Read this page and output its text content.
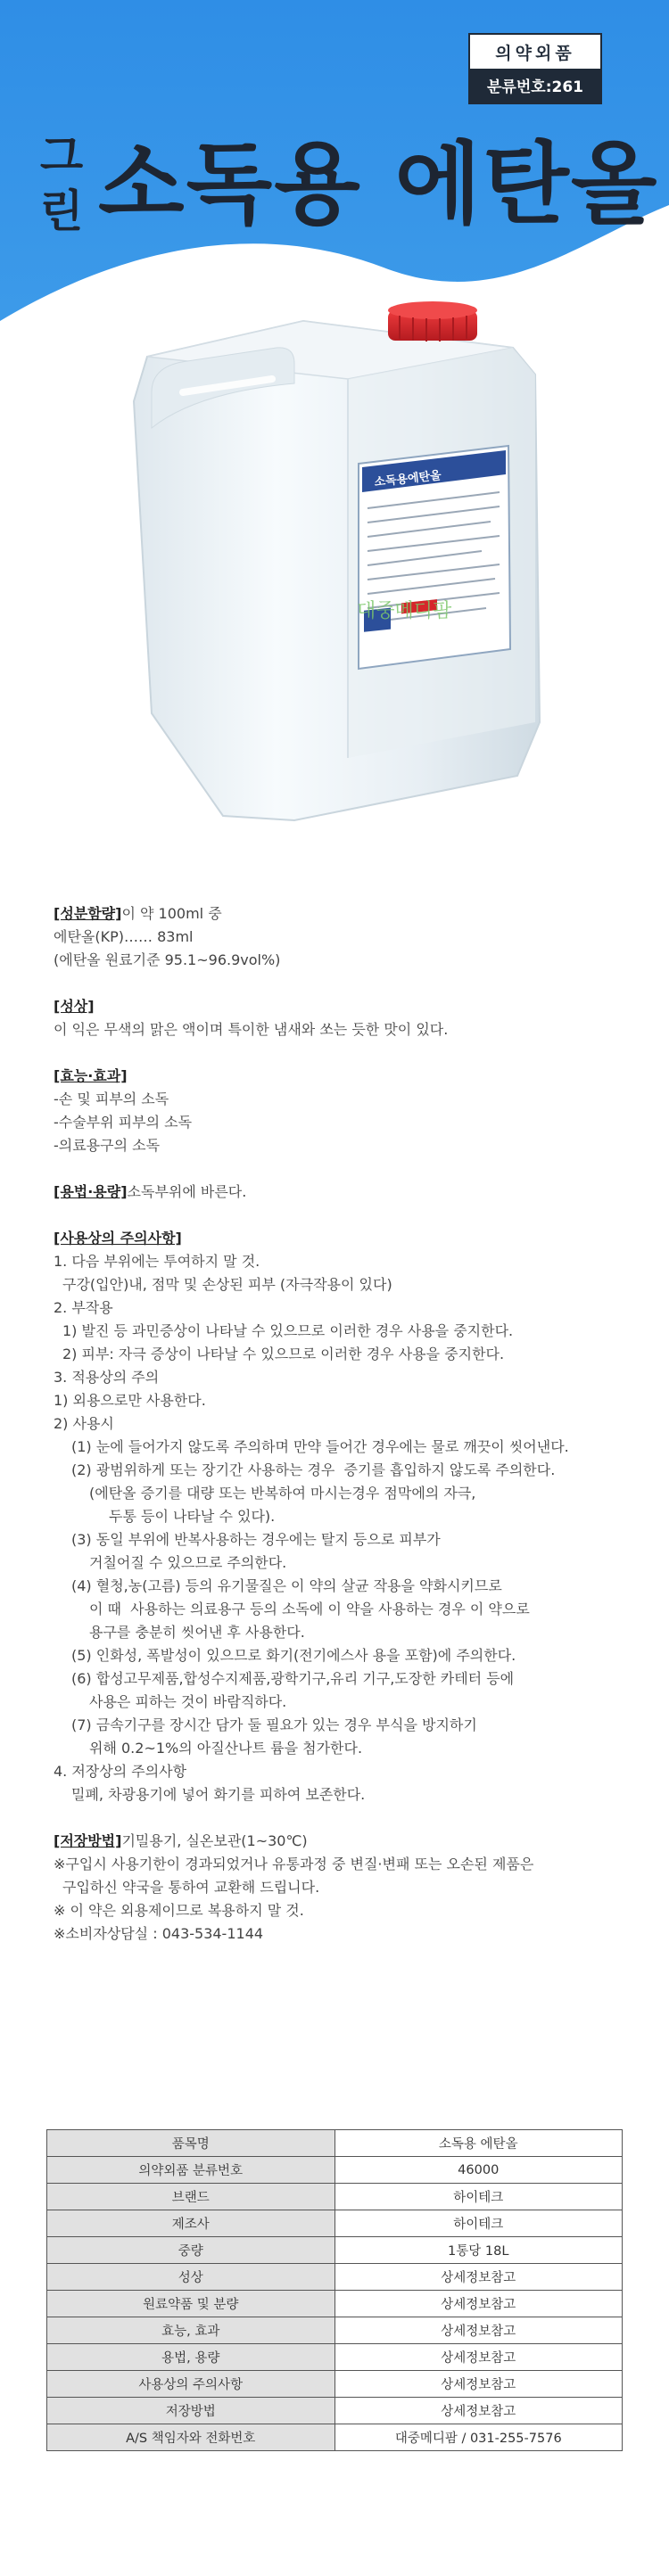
의약외품
분류번호:261
그
린 소독용 에탄올
소독용에탄올
18L
대중메디팜

[성분함량]이 약 100ml 중

에탄올(KP)…… 83ml

(에탄올 원료기준 95.1~96.9vol%)

[성상]

이 익은 무색의 맑은 액이며 특이한 냄새와 쏘는 듯한 맛이 있다.

[효능·효과]

-손 및 피부의 소독

-수술부위 피부의 소독

-의료용구의 소독

[용법·용량]소독부위에 바른다.

[사용상의 주의사항]

1. 다음 부위에는 투여하지 말 것.

구강(입안)내, 점막 및 손상된 피부 (자극작용이 있다)

2. 부작용

1) 발진 등 과민증상이 나타날 수 있으므로 이러한 경우 사용을 중지한다.

2) 피부: 자극 증상이 나타날 수 있으므로 이러한 경우 사용을 중지한다.

3. 적용상의 주의

1) 외용으로만 사용한다.

2) 사용시

(1) 눈에 들어가지 않도록 주의하며 만약 들어간 경우에는 물로 깨끗이 씻어낸다.

(2) 광범위하게 또는 장기간 사용하는 경우  증기를 흡입하지 않도록 주의한다.

(에탄올 증기를 대량 또는 반복하여 마시는경우 점막에의 자극,

두통 등이 나타날 수 있다).

(3) 동일 부위에 반복사용하는 경우에는 탈지 등으로 피부가

거칠어질 수 있으므로 주의한다.

(4) 혈청,농(고름) 등의 유기물질은 이 약의 살균 작용을 약화시키므로

이 때  사용하는 의료용구 등의 소독에 이 약을 사용하는 경우 이 약으로

용구를 충분히 씻어낸 후 사용한다.

(5) 인화성, 폭발성이 있으므로 화기(전기에스사 용을 포함)에 주의한다.

(6) 합성고무제품,합성수지제품,광학기구,유리 기구,도장한 카테터 등에

사용은 피하는 것이 바람직하다.

(7) 금속기구를 장시간 담가 둘 필요가 있는 경우 부식을 방지하기

위해 0.2~1%의 아질산나트 륨을 첨가한다.

4. 저장상의 주의사항

밀폐, 차광용기에 넣어 화기를 피하여 보존한다.

[저장방법]기밀용기, 실온보관(1~30℃)

※구입시 사용기한이 경과되었거나 유통과정 중 변질·변패 또는 오손된 제품은

구입하신 약국을 통하여 교환해 드립니다.

※ 이 약은 외용제이므로 복용하지 말 것.

※소비자상담실 : 043-534-1144

품목명	소독용 에탄올
의약외품 분류번호	46000
브랜드	하이테크
제조사	하이테크
중량	1통당 18L
성상	상세정보참고
원료약품 및 분량	상세정보참고
효능, 효과	상세정보참고
용법, 용량	상세정보참고
사용상의 주의사항	상세정보참고
저장방법	상세정보참고
A/S 책임자와 전화번호	대중메디팜 / 031-255-7576
